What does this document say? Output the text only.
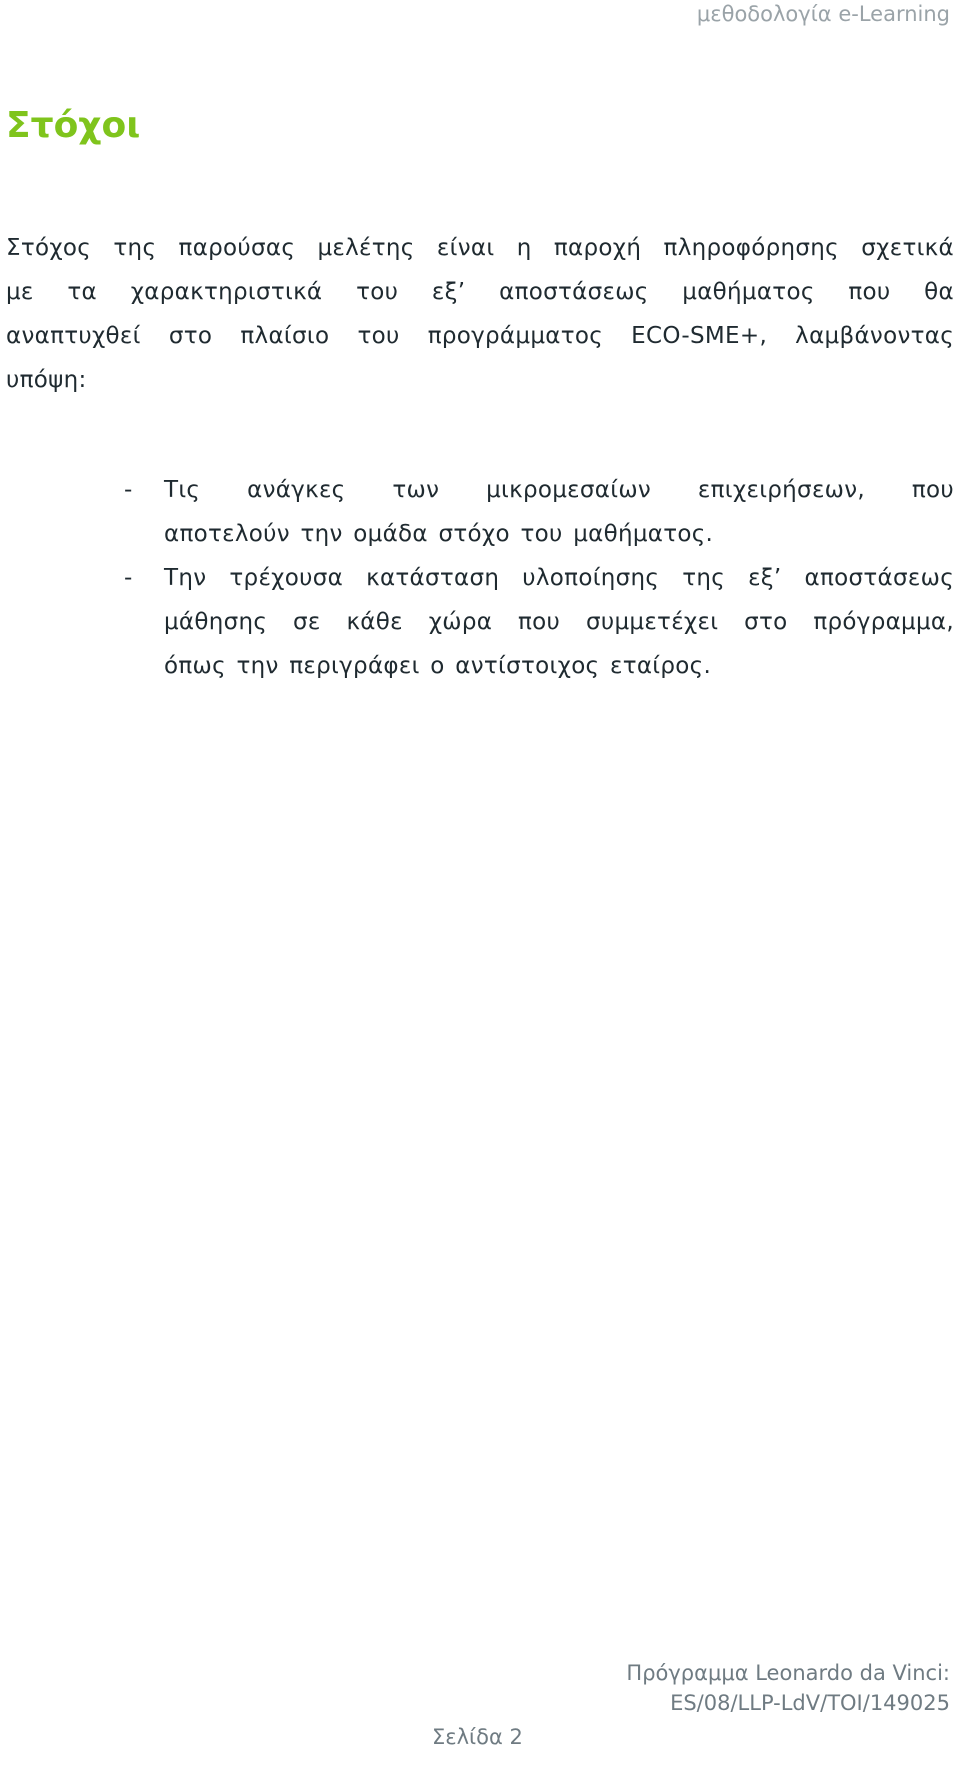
μεθοδολογία e-Learning
Στόχοι
Στόχος της παρούσας μελέτης είναι η παροχή πληροφόρησης σχετικά
με τα χαρακτηριστικά του εξ’ αποστάσεως μαθήματος που θα
αναπτυχθεί στο πλαίσιο του προγράμματος ECO-SME+, λαμβάνοντας
υπόψη:
- Τις ανάγκες των μικρομεσαίων επιχειρήσεων, που
αποτελούν την ομάδα στόχο του μαθήματος.
- Την τρέχουσα κατάσταση υλοποίησης της εξ’ αποστάσεως
μάθησης σε κάθε χώρα που συμμετέχει στο πρόγραμμα,
όπως την περιγράφει ο αντίστοιχος εταίρος.
Πρόγραμμα Leonardo da Vinci:
ES/08/LLP-LdV/TOI/149025
Σελίδα 2
